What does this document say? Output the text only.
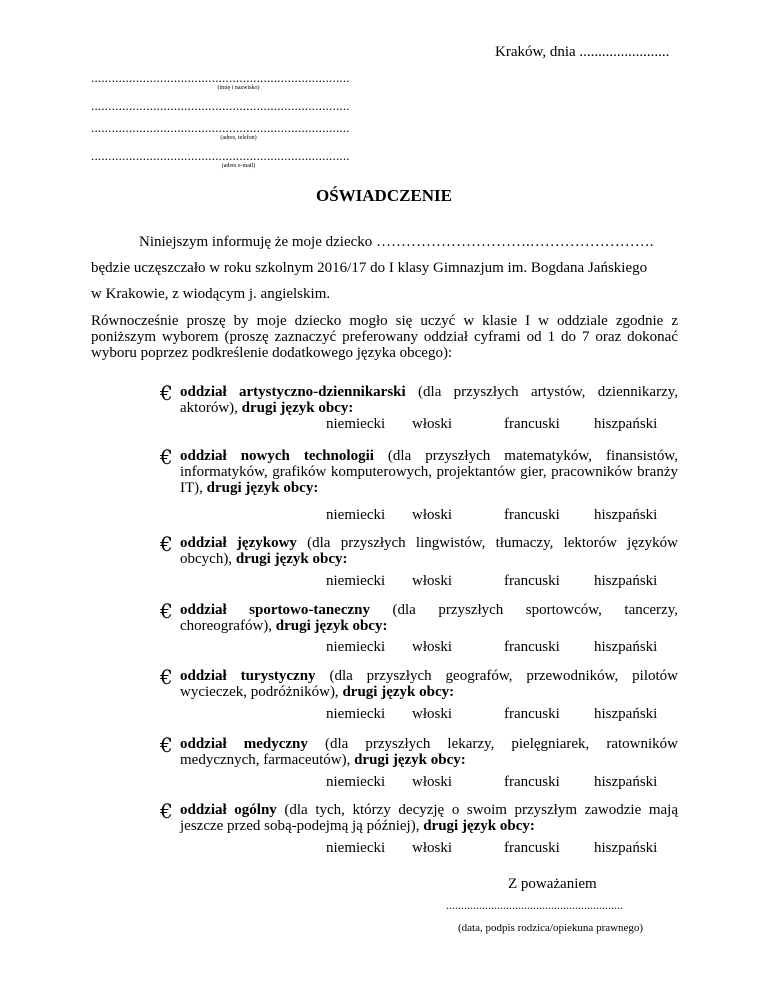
Kraków, dnia ........................
...........................................................................
(imię i nazwisko)
...........................................................................
...........................................................................
(adres, telefon)
...........................................................................
(adres e-mail)
OŚWIADCZENIE
Niniejszym informuję że moje dziecko ………………………….…………………….
będzie uczęszczało w roku szkolnym 2016/17 do I klasy Gimnazjum im. Bogdana Jańskiego
w Krakowie, z wiodącym j. angielskim.
Równocześnie proszę by moje dziecko mogło się uczyć w klasie I w oddziale zgodnie z poniższym wyborem (proszę zaznaczyć preferowany oddział cyframi od 1 do 7 oraz dokonać wyboru poprzez podkreślenie dodatkowego języka obcego):
€ oddział artystyczno-dziennikarski (dla przyszłych artystów, dziennikarzy, aktorów), drugi język obcy:
niemiecki włoski	francuski hiszpański
€ oddział nowych technologii (dla przyszłych matematyków, finansistów, informatyków, grafików komputerowych, projektantów gier, pracowników branży IT), drugi język obcy:
niemiecki włoski	francuski hiszpański
€ oddział językowy (dla przyszłych lingwistów, tłumaczy, lektorów języków obcych), drugi język obcy:
niemiecki włoski	francuski hiszpański
€ oddział sportowo-taneczny (dla przyszłych sportowców, tancerzy, choreografów), drugi język obcy:
niemiecki włoski	francuski hiszpański
€ oddział turystyczny (dla przyszłych geografów, przewodników, pilotów wycieczek, podróżników), drugi język obcy:
niemiecki włoski	francuski hiszpański
€ oddział medyczny (dla przyszłych lekarzy, pielęgniarek, ratowników medycznych, farmaceutów), drugi język obcy:
niemiecki włoski	francuski hiszpański
€ oddział ogólny (dla tych, którzy decyzję o swoim przyszłym zawodzie mają jeszcze przed sobą-podejmą ją później), drugi język obcy:
niemiecki włoski	francuski hiszpański
Z poważaniem
...........................................................
(data, podpis rodzica/opiekuna prawnego)
